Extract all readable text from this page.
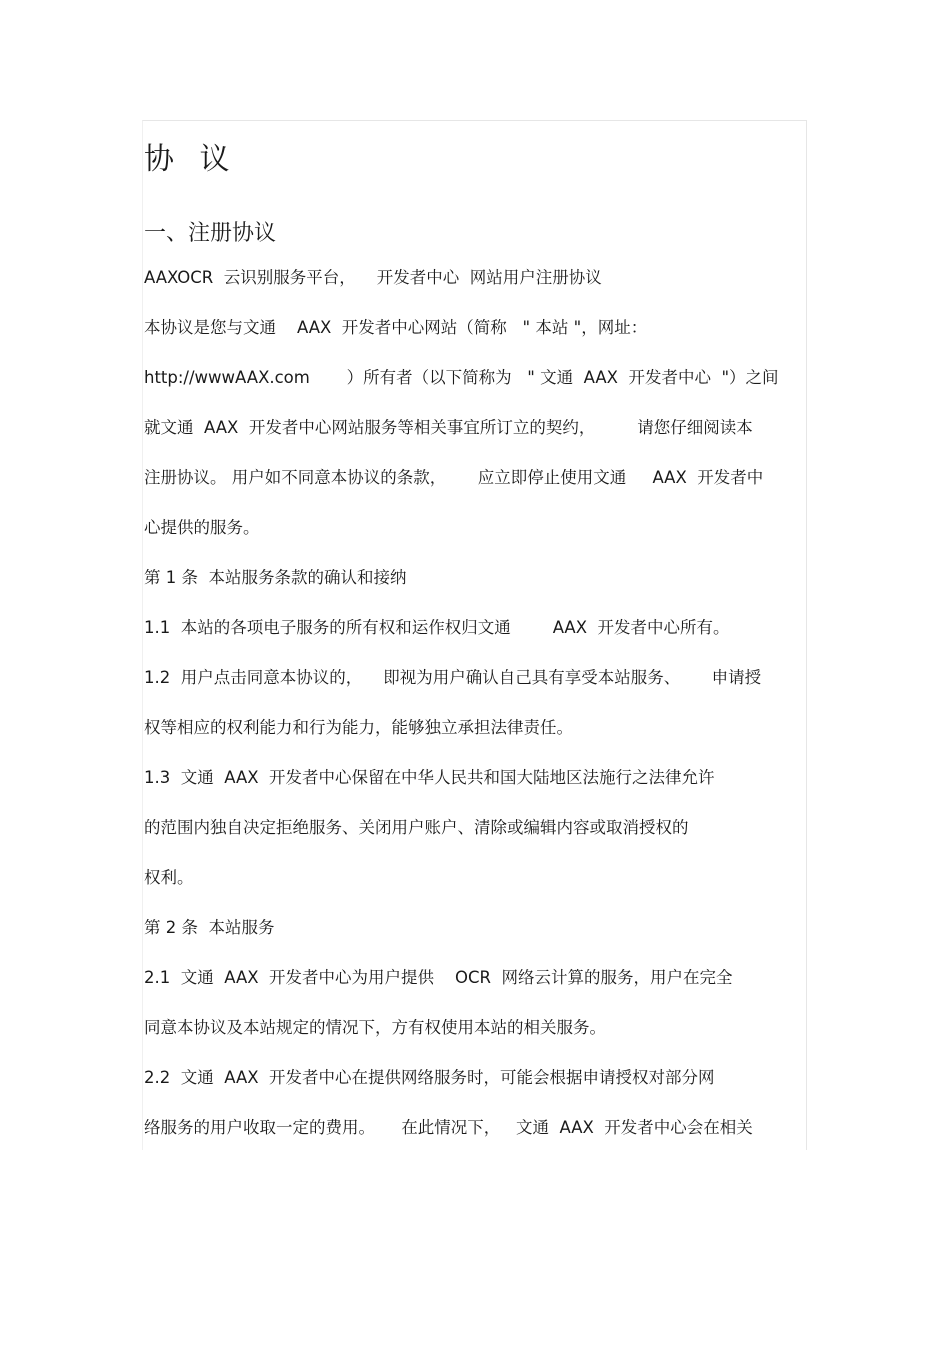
协 议
一、注册协议

AAXOCR  云识别服务平台，    开发者中心  网站用户注册协议

本协议是您与文通    AAX  开发者中心网站（简称   " 本站 "，网址：

http://wwwAAX.com       ）所有者（以下简称为   " 文通  AAX  开发者中心  "）之间

就文通  AAX  开发者中心网站服务等相关事宜所订立的契约，        请您仔细阅读本

注册协议。 用户如不同意本协议的条款，      应立即停止使用文通     AAX  开发者中

心提供的服务。

第 1 条  本站服务条款的确认和接纳

1.1  本站的各项电子服务的所有权和运作权归文通        AAX  开发者中心所有。

1.2  用户点击同意本协议的，    即视为用户确认自己具有享受本站服务、      申请授

权等相应的权利能力和行为能力，能够独立承担法律责任。

1.3  文通  AAX  开发者中心保留在中华人民共和国大陆地区法施行之法律允许

的范围内独自决定拒绝服务、关闭用户账户、清除或编辑内容或取消授权的

权利。

第 2 条  本站服务

2.1  文通  AAX  开发者中心为用户提供    OCR  网络云计算的服务，用户在完全

同意本协议及本站规定的情况下，方有权使用本站的相关服务。

2.2  文通  AAX  开发者中心在提供网络服务时，可能会根据申请授权对部分网

络服务的用户收取一定的费用。     在此情况下，   文通  AAX  开发者中心会在相关
